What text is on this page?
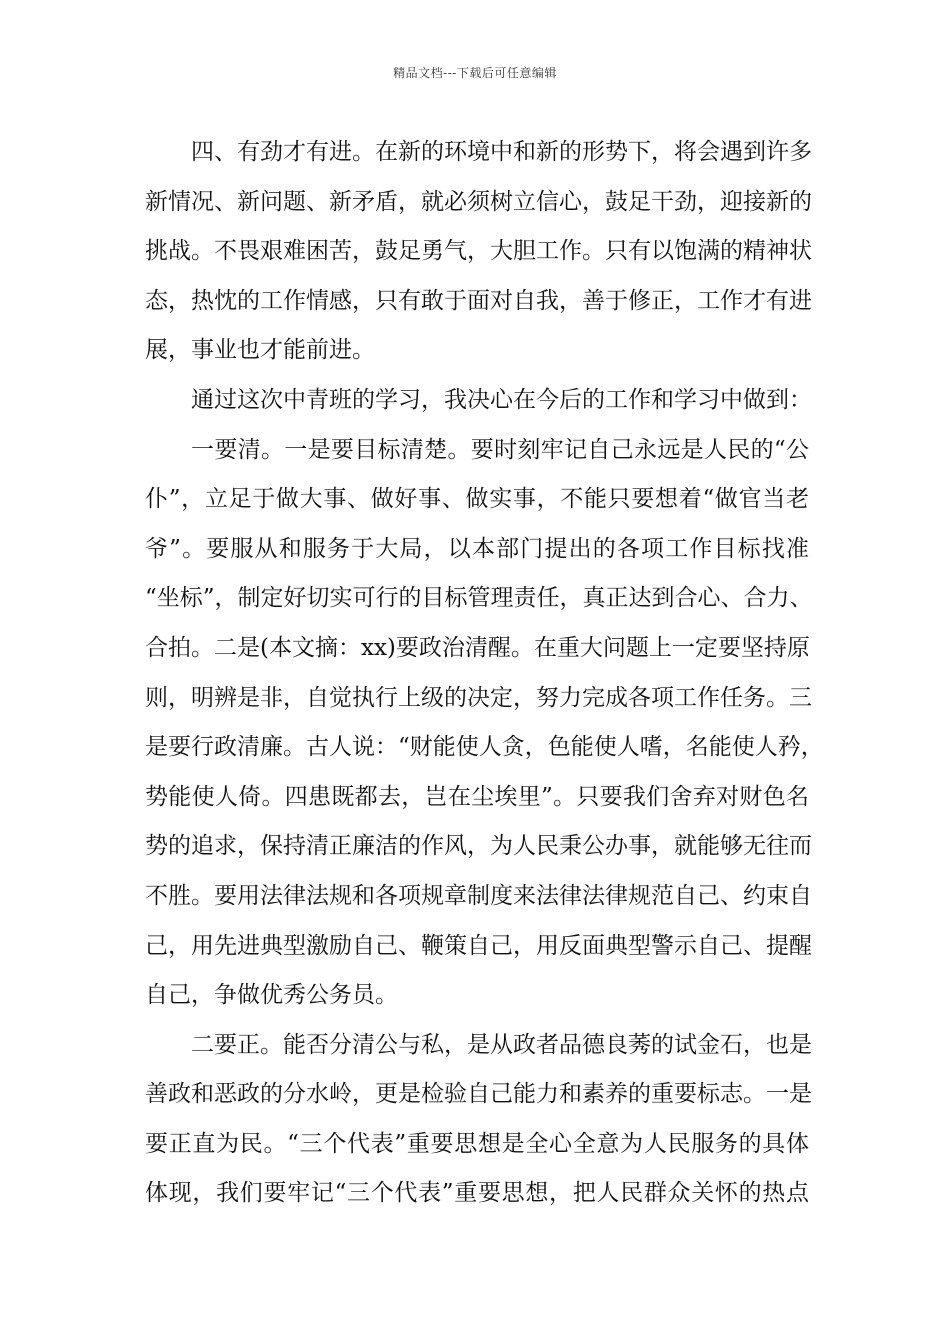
精品文档---下载后可任意编辑
四、有劲才有进。在新的环境中和新的形势下，将会遇到许多
新情况、新问题、新矛盾，就必须树立信心，鼓足干劲，迎接新的
挑战。不畏艰难困苦，鼓足勇气，大胆工作。只有以饱满的精神状
态，热忱的工作情感，只有敢于面对自我，善于修正，工作才有进
展，事业也才能前进。
通过这次中青班的学习，我决心在今后的工作和学习中做到：
一要清。一是要目标清楚。要时刻牢记自己永远是人民的“公
仆”，立足于做大事、做好事、做实事，不能只要想着“做官当老
爷”。要服从和服务于大局，以本部门提出的各项工作目标找准
“坐标”，制定好切实可行的目标管理责任，真正达到合心、合力、
合拍。二是(本文摘：xx)要政治清醒。在重大问题上一定要坚持原
则，明辨是非，自觉执行上级的决定，努力完成各项工作任务。三
是要行政清廉。古人说：“财能使人贪，色能使人嗜，名能使人矜，
势能使人倚。四患既都去，岂在尘埃里”。只要我们舍弃对财色名
势的追求，保持清正廉洁的作风，为人民秉公办事，就能够无往而
不胜。要用法律法规和各项规章制度来法律法律规范自己、约束自
己，用先进典型激励自己、鞭策自己，用反面典型警示自己、提醒
自己，争做优秀公务员。
二要正。能否分清公与私，是从政者品德良莠的试金石，也是
善政和恶政的分水岭，更是检验自己能力和素养的重要标志。一是
要正直为民。“三个代表”重要思想是全心全意为人民服务的具体
体现，我们要牢记“三个代表”重要思想，把人民群众关怀的热点
